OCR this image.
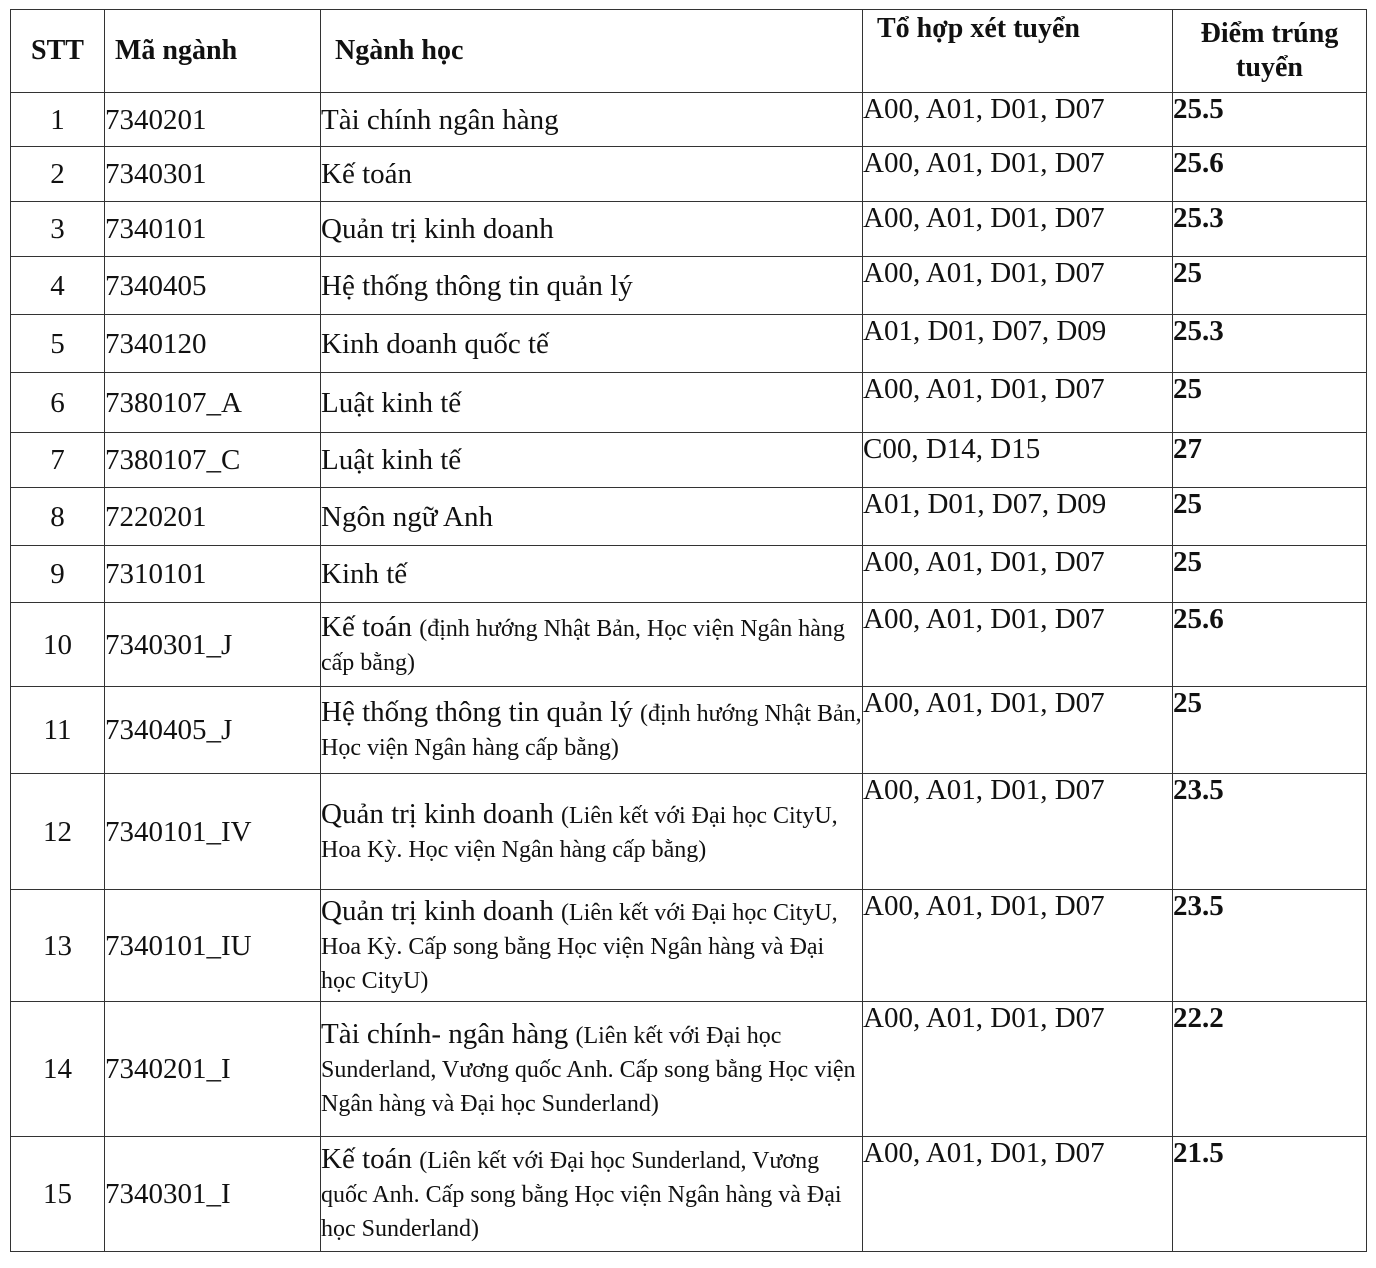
STT	Mã ngành	Ngành học	Tổ hợp xét tuyển	Điểm trúng
tuyển
1	7340201	Tài chính ngân hàng	A00, A01, D01, D07	25.5
2	7340301	Kế toán	A00, A01, D01, D07	25.6
3	7340101	Quản trị kinh doanh	A00, A01, D01, D07	25.3
4	7340405	Hệ thống thông tin quản lý	A00, A01, D01, D07	25
5	7340120	Kinh doanh quốc tế	A01, D01, D07, D09	25.3
6	7380107_A	Luật kinh tế	A00, A01, D01, D07	25
7	7380107_C	Luật kinh tế	C00, D14, D15	27
8	7220201	Ngôn ngữ Anh	A01, D01, D07, D09	25
9	7310101	Kinh tế	A00, A01, D01, D07	25
10	7340301_J	Kế toán (định hướng Nhật Bản, Học viện Ngân hàng cấp bằng)	A00, A01, D01, D07	25.6
11	7340405_J	Hệ thống thông tin quản lý (định hướng Nhật Bản, Học viện Ngân hàng cấp bằng)	A00, A01, D01, D07	25
12	7340101_IV	Quản trị kinh doanh (Liên kết với Đại học CityU, Hoa Kỳ. Học viện Ngân hàng cấp bằng)	A00, A01, D01, D07	23.5
13	7340101_IU	Quản trị kinh doanh (Liên kết với Đại học CityU, Hoa Kỳ. Cấp song bằng Học viện Ngân hàng và Đại học CityU)	A00, A01, D01, D07	23.5
14	7340201_I	Tài chính- ngân hàng (Liên kết với Đại học Sunderland, Vương quốc Anh. Cấp song bằng Học viện Ngân hàng và Đại học Sunderland)	A00, A01, D01, D07	22.2
15	7340301_I	Kế toán (Liên kết với Đại học Sunderland, Vương quốc Anh. Cấp song bằng Học viện Ngân hàng và Đại học Sunderland)	A00, A01, D01, D07	21.5
